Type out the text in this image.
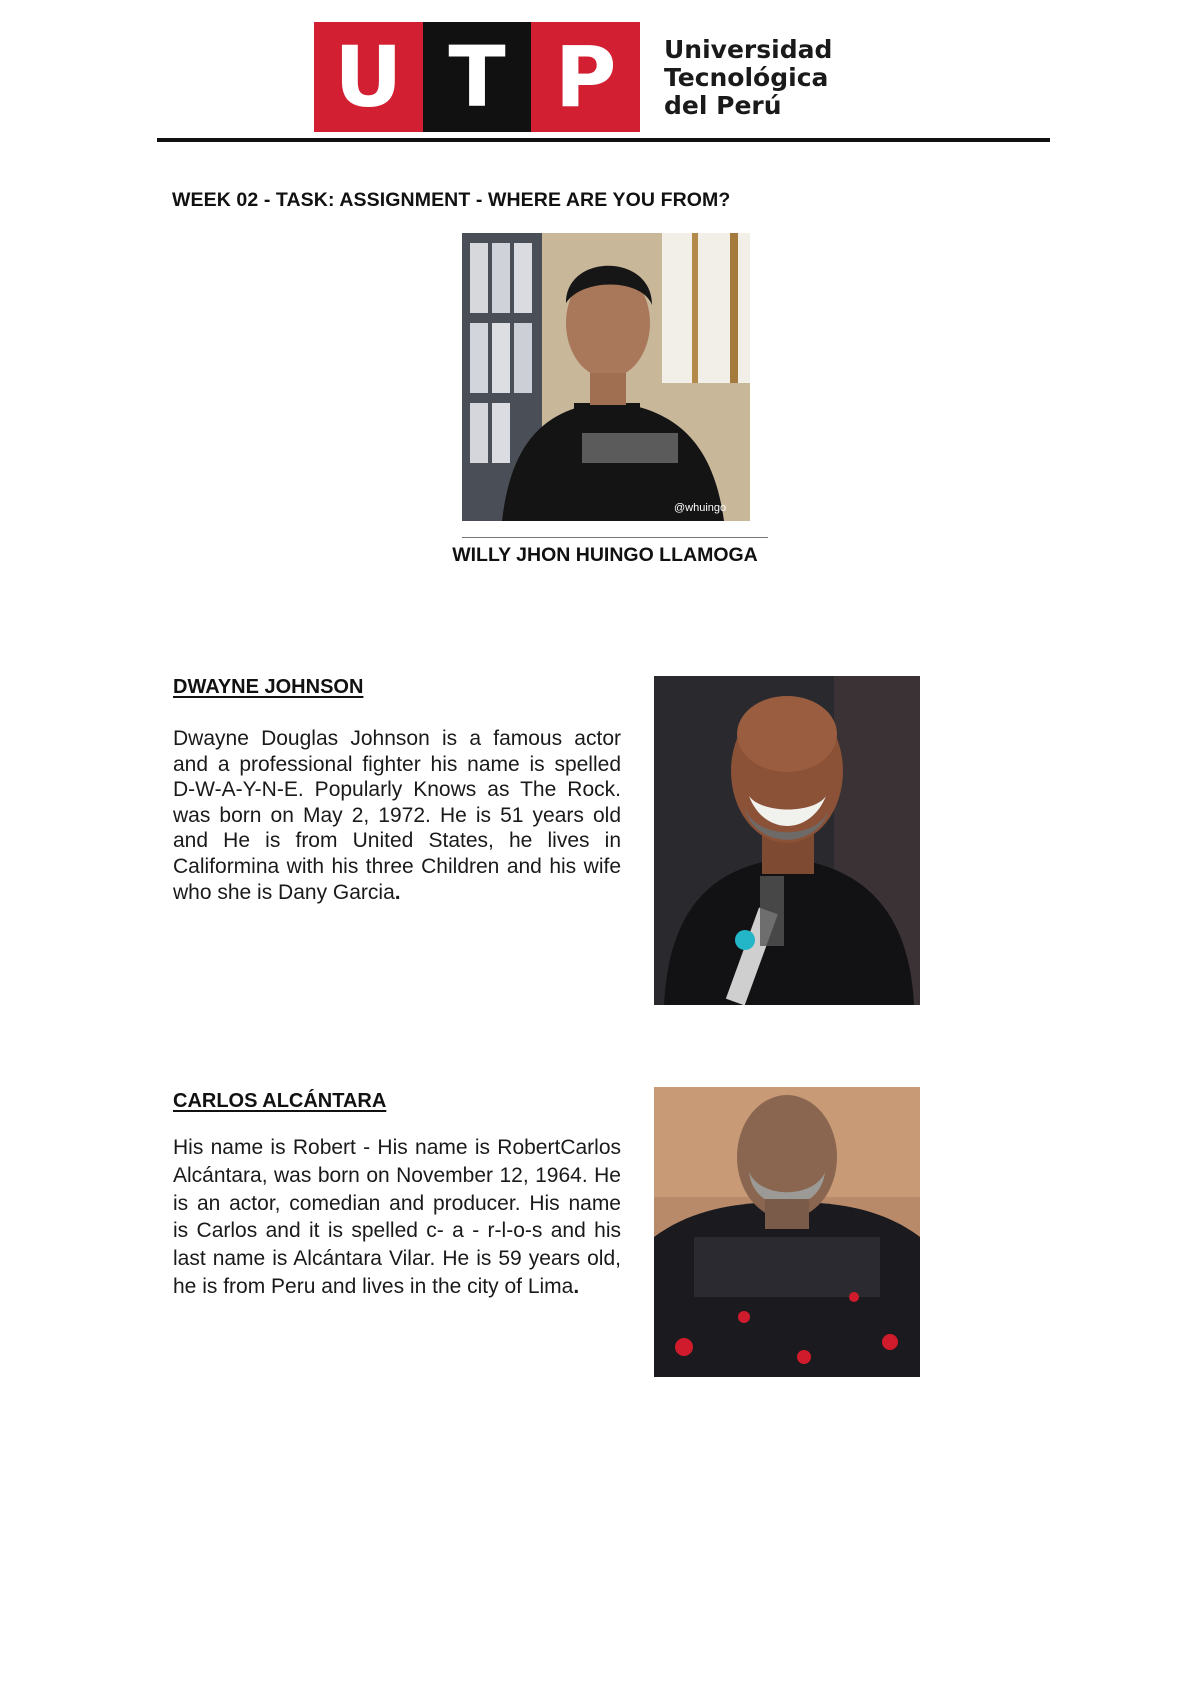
U T P	Universidad
Tecnológica
del Perú
WEEK 02 - TASK: ASSIGNMENT - WHERE ARE YOU FROM?
@whuingo
WILLY JHON HUINGO LLAMOGA
DWAYNE JOHNSON
Dwayne Douglas Johnson is a famous actor and a professional fighter his name is spelled D-W-A-Y-N-E. Popularly Knows as The Rock. was born on May 2, 1972. He is 51 years old and He is from United States, he lives in Califormina with his three Children and his wife who she is Dany Garcia.
CARLOS ALCÁNTARA
His name is Robert - His name is RobertCarlos Alcántara, was born on November 12, 1964. He is an actor, comedian and producer. His name is Carlos and it is spelled c- a - r-l-o-s and his last name is Alcántara Vilar. He is 59 years old, he is from Peru and lives in the city of Lima.
